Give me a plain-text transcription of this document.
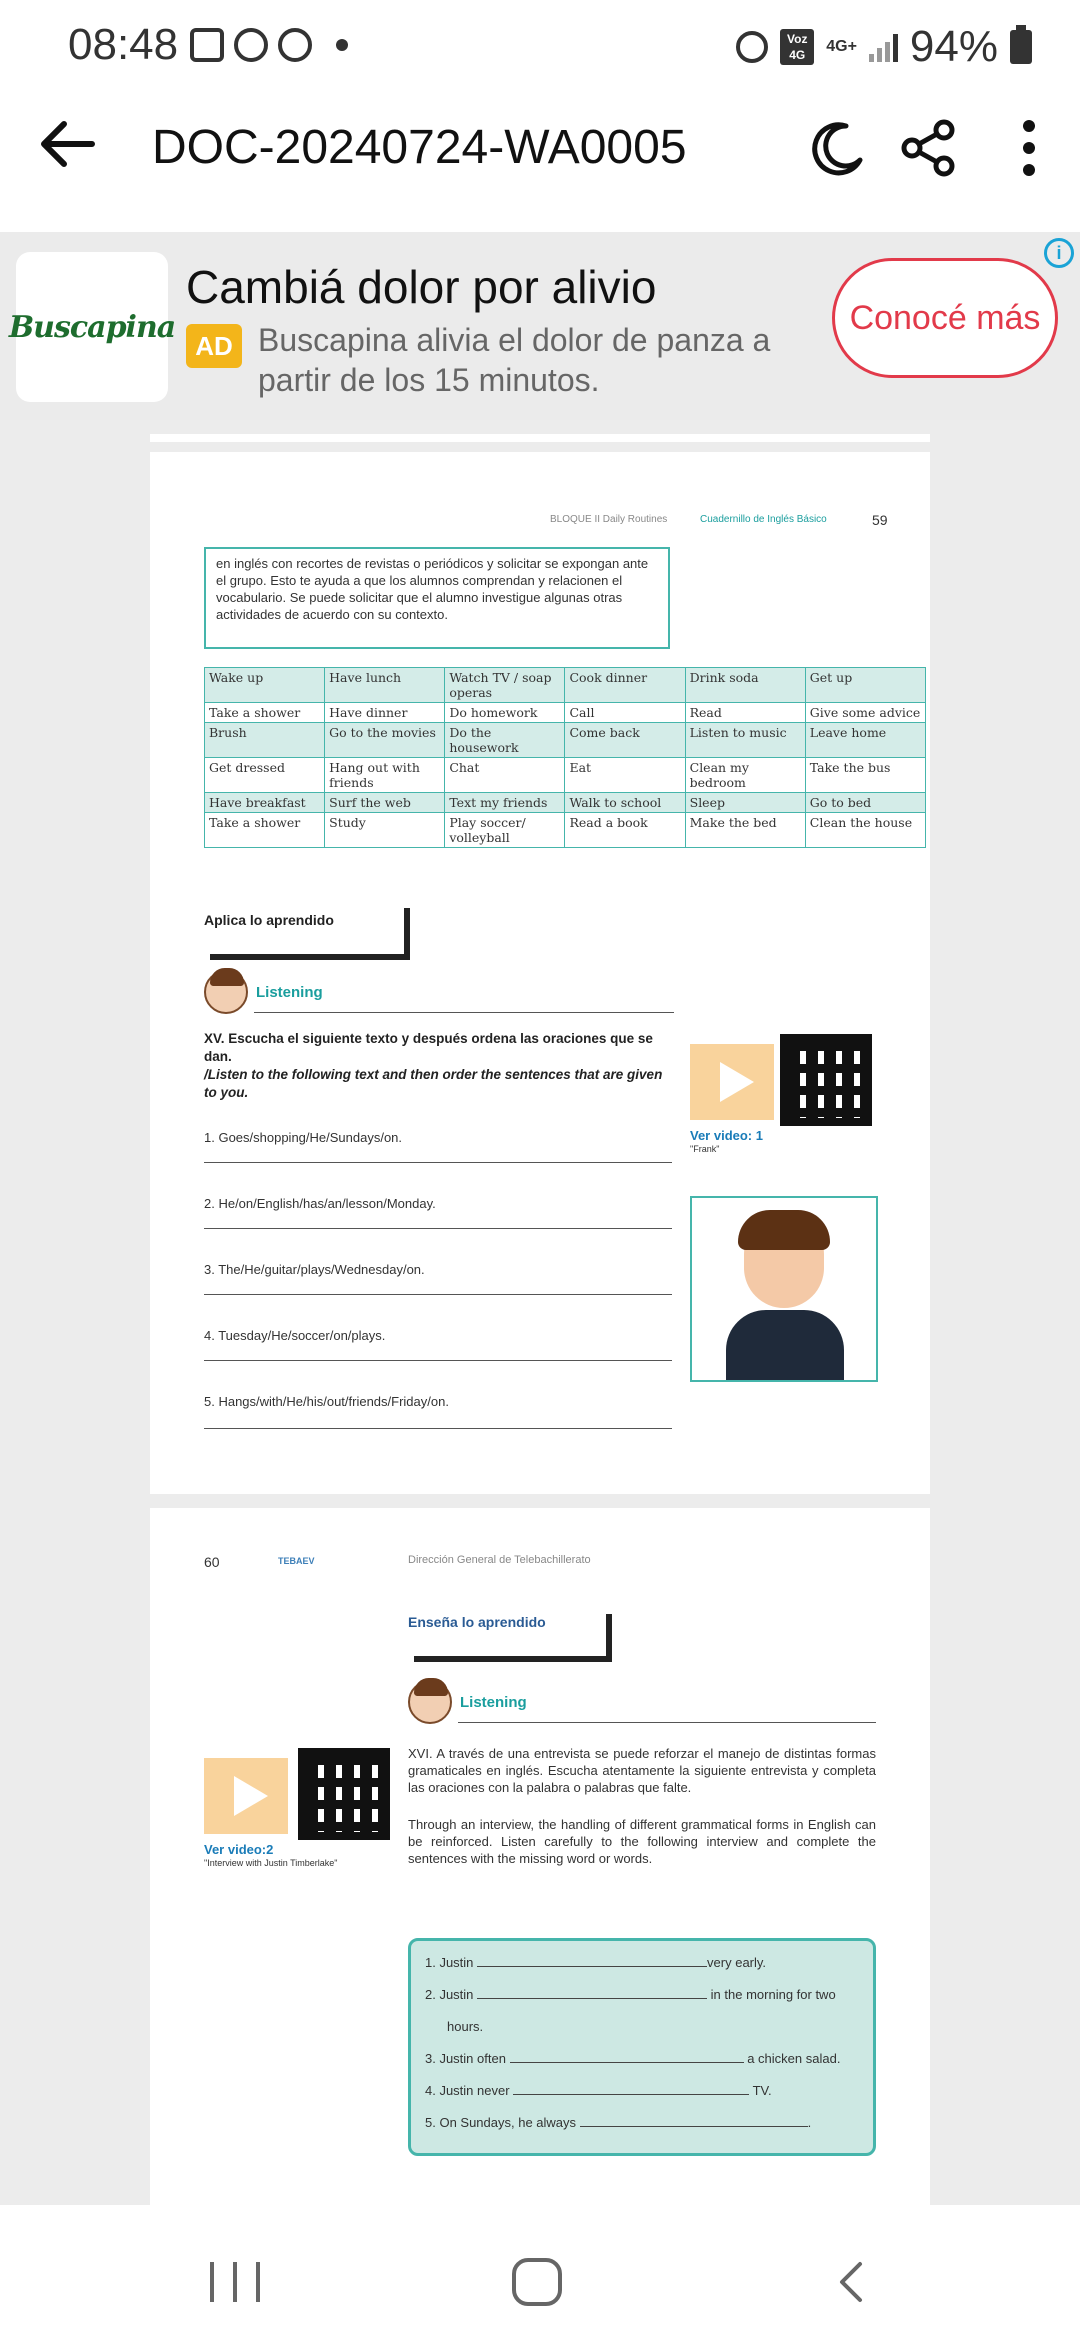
08:48	Voz
4G	4G+ 94%
DOC-20240724-WA0005
Buscapina
Cambiá dolor por alivio
AD Buscapina alivia el dolor de panza a partir de los 15 minutos.
Conocé más
i
BLOQUE II Daily Routines	Cuadernillo de Inglés Básico	59
en inglés con recortes de revistas o periódicos y solicitar se expongan ante el grupo. Esto te ayuda a que los alumnos comprendan y relacionen el vocabulario. Se puede solicitar que el alumno investigue algunas otras actividades de acuerdo con su contexto.
Wake up	Have lunch	Watch TV / soap operas	Cook dinner	Drink soda	Get up
Take a shower	Have dinner	Do homework	Call	Read	Give some advice
Brush	Go to the movies	Do the housework	Come back	Listen to music	Leave home
Get dressed	Hang out with friends	Chat	Eat	Clean my bedroom	Take the bus
Have breakfast	Surf the web	Text my friends	Walk to school	Sleep	Go to bed
Take a shower	Study	Play soccer/ volleyball	Read a book	Make the bed	Clean the house
Aplica lo aprendido
Listening
XV. Escucha el siguiente texto y después ordena las oraciones que se dan.
/Listen to the following text and then order the sentences that are given to you.
Ver video: 1
"Frank"
1. Goes/shopping/He/Sundays/on.
2. He/on/English/has/an/lesson/Monday.
3. The/He/guitar/plays/Wednesday/on.
4. Tuesday/He/soccer/on/plays.
5. Hangs/with/He/his/out/friends/Friday/on.
60	TEBAEV	Dirección General de Telebachillerato
Enseña lo aprendido
Listening
Ver video:2
"Interview with Justin Timberlake"
XVI. A través de una entrevista se puede reforzar el manejo de distintas formas gramaticales en inglés. Escucha atentamente la siguiente entrevista y completa las oraciones con la palabra o palabras que falte.
Through an interview, the handling of different grammatical forms in English can be reinforced. Listen carefully to the following interview and complete the sentences with the missing word or words.
1. Justin	very early.
2. Justin	in the morning for two
hours.
3. Justin often	a chicken salad.
4. Justin never	TV.
5. On Sundays, he always	.
